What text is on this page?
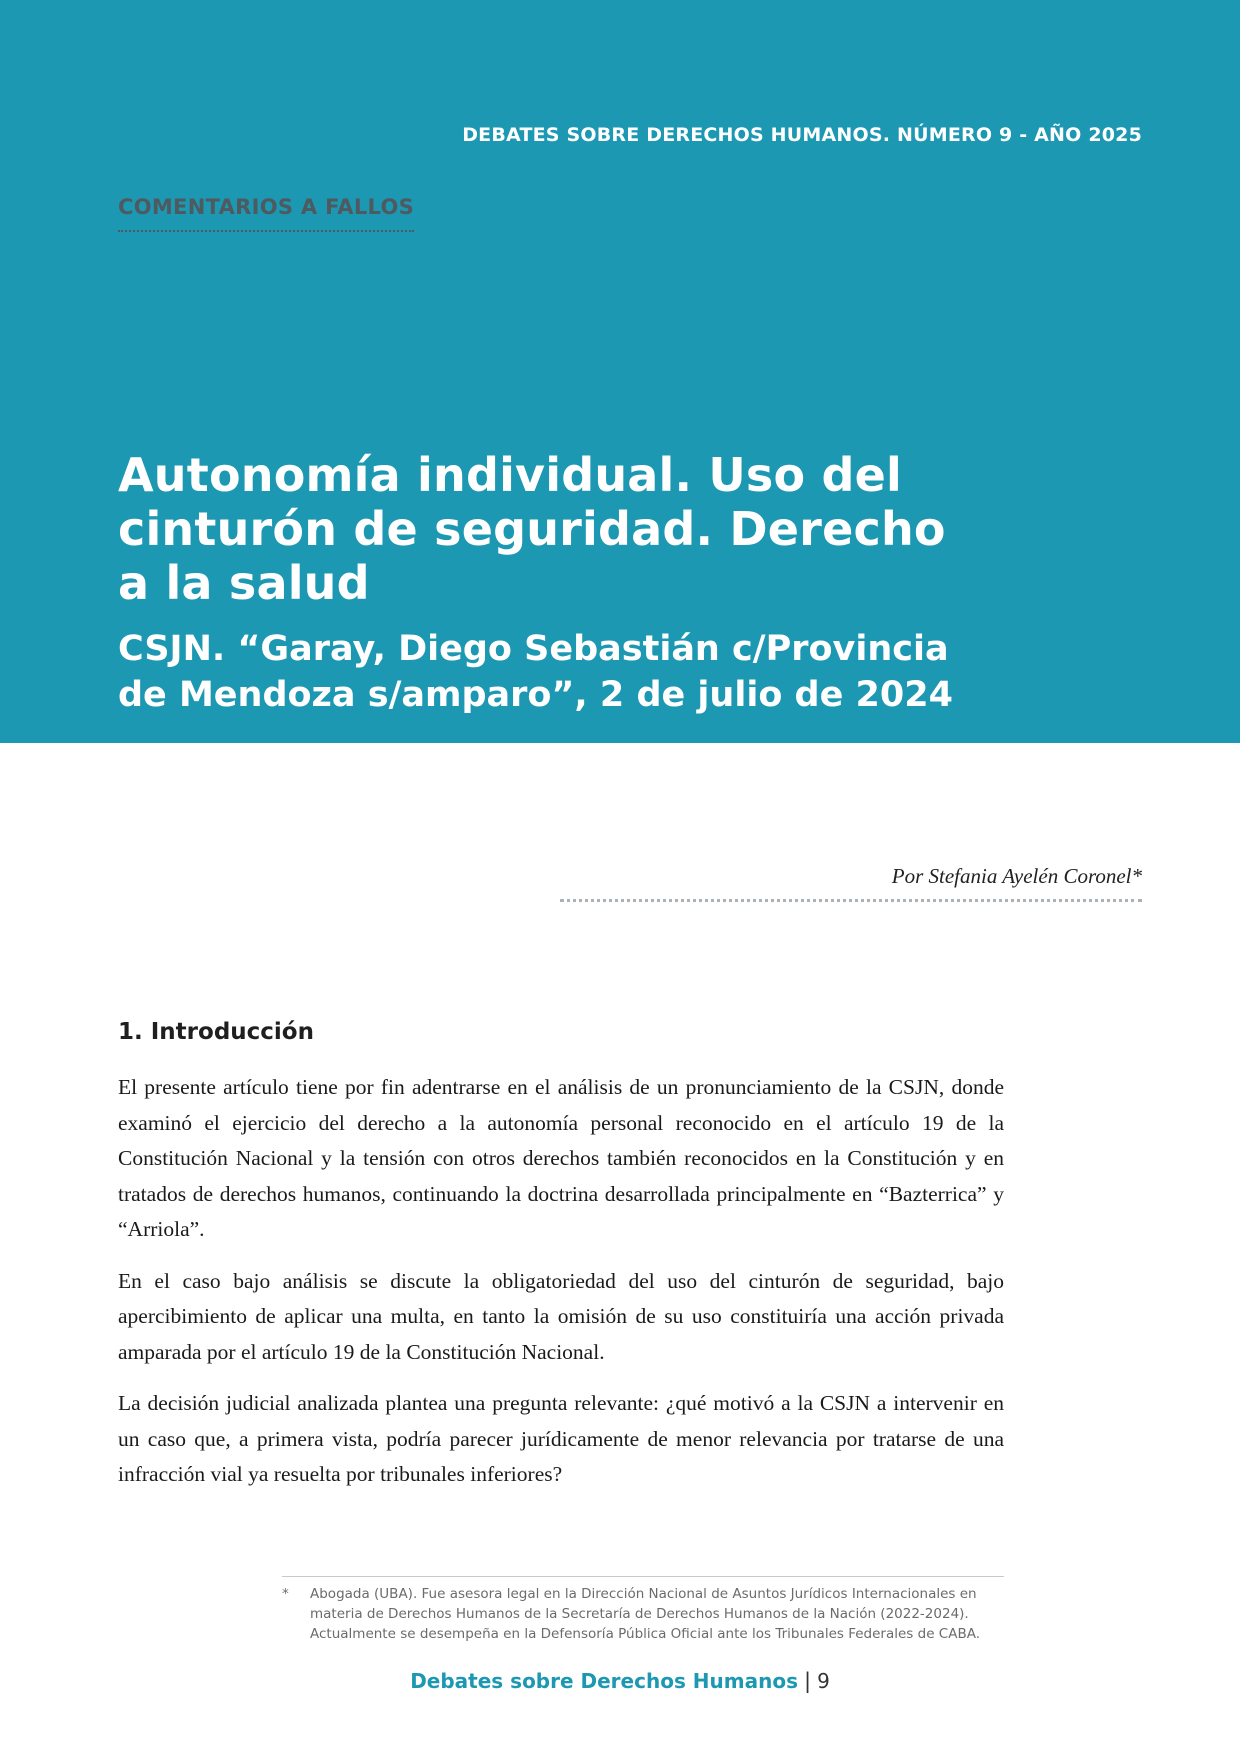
DEBATES SOBRE DERECHOS HUMANOS. NÚMERO 9 - AÑO 2025
COMENTARIOS A FALLOS
Autonomía individual. Uso del cinturón de seguridad. Derecho a la salud
CSJN. “Garay, Diego Sebastián c/Provincia de Mendoza s/amparo”, 2 de julio de 2024
Por Stefania Ayelén Coronel*
1. Introducción

El presente artículo tiene por fin adentrarse en el análisis de un pronunciamiento de la CSJN, donde examinó el ejercicio del derecho a la autonomía personal reconocido en el artículo 19 de la Constitución Nacional y la tensión con otros derechos también reconocidos en la Constitución y en tratados de derechos humanos, continuando la doctrina desarrollada principalmente en “Bazterrica” y “Arriola”.

En el caso bajo análisis se discute la obligatoriedad del uso del cinturón de seguridad, bajo apercibimiento de aplicar una multa, en tanto la omisión de su uso constituiría una acción privada amparada por el artículo 19 de la Constitución Nacional.

La decisión judicial analizada plantea una pregunta relevante: ¿qué motivó a la CSJN a intervenir en un caso que, a primera vista, podría parecer jurídicamente de menor relevancia por tratarse de una infracción vial ya resuelta por tribunales inferiores?

* Abogada (UBA). Fue asesora legal en la Dirección Nacional de Asuntos Jurídicos Internacionales en materia de Derechos Humanos de la Secretaría de Derechos Humanos de la Nación (2022-2024). Actualmente se desempeña en la Defensoría Pública Oficial ante los Tribunales Federales de CABA.
Debates sobre Derechos Humanos | 9
